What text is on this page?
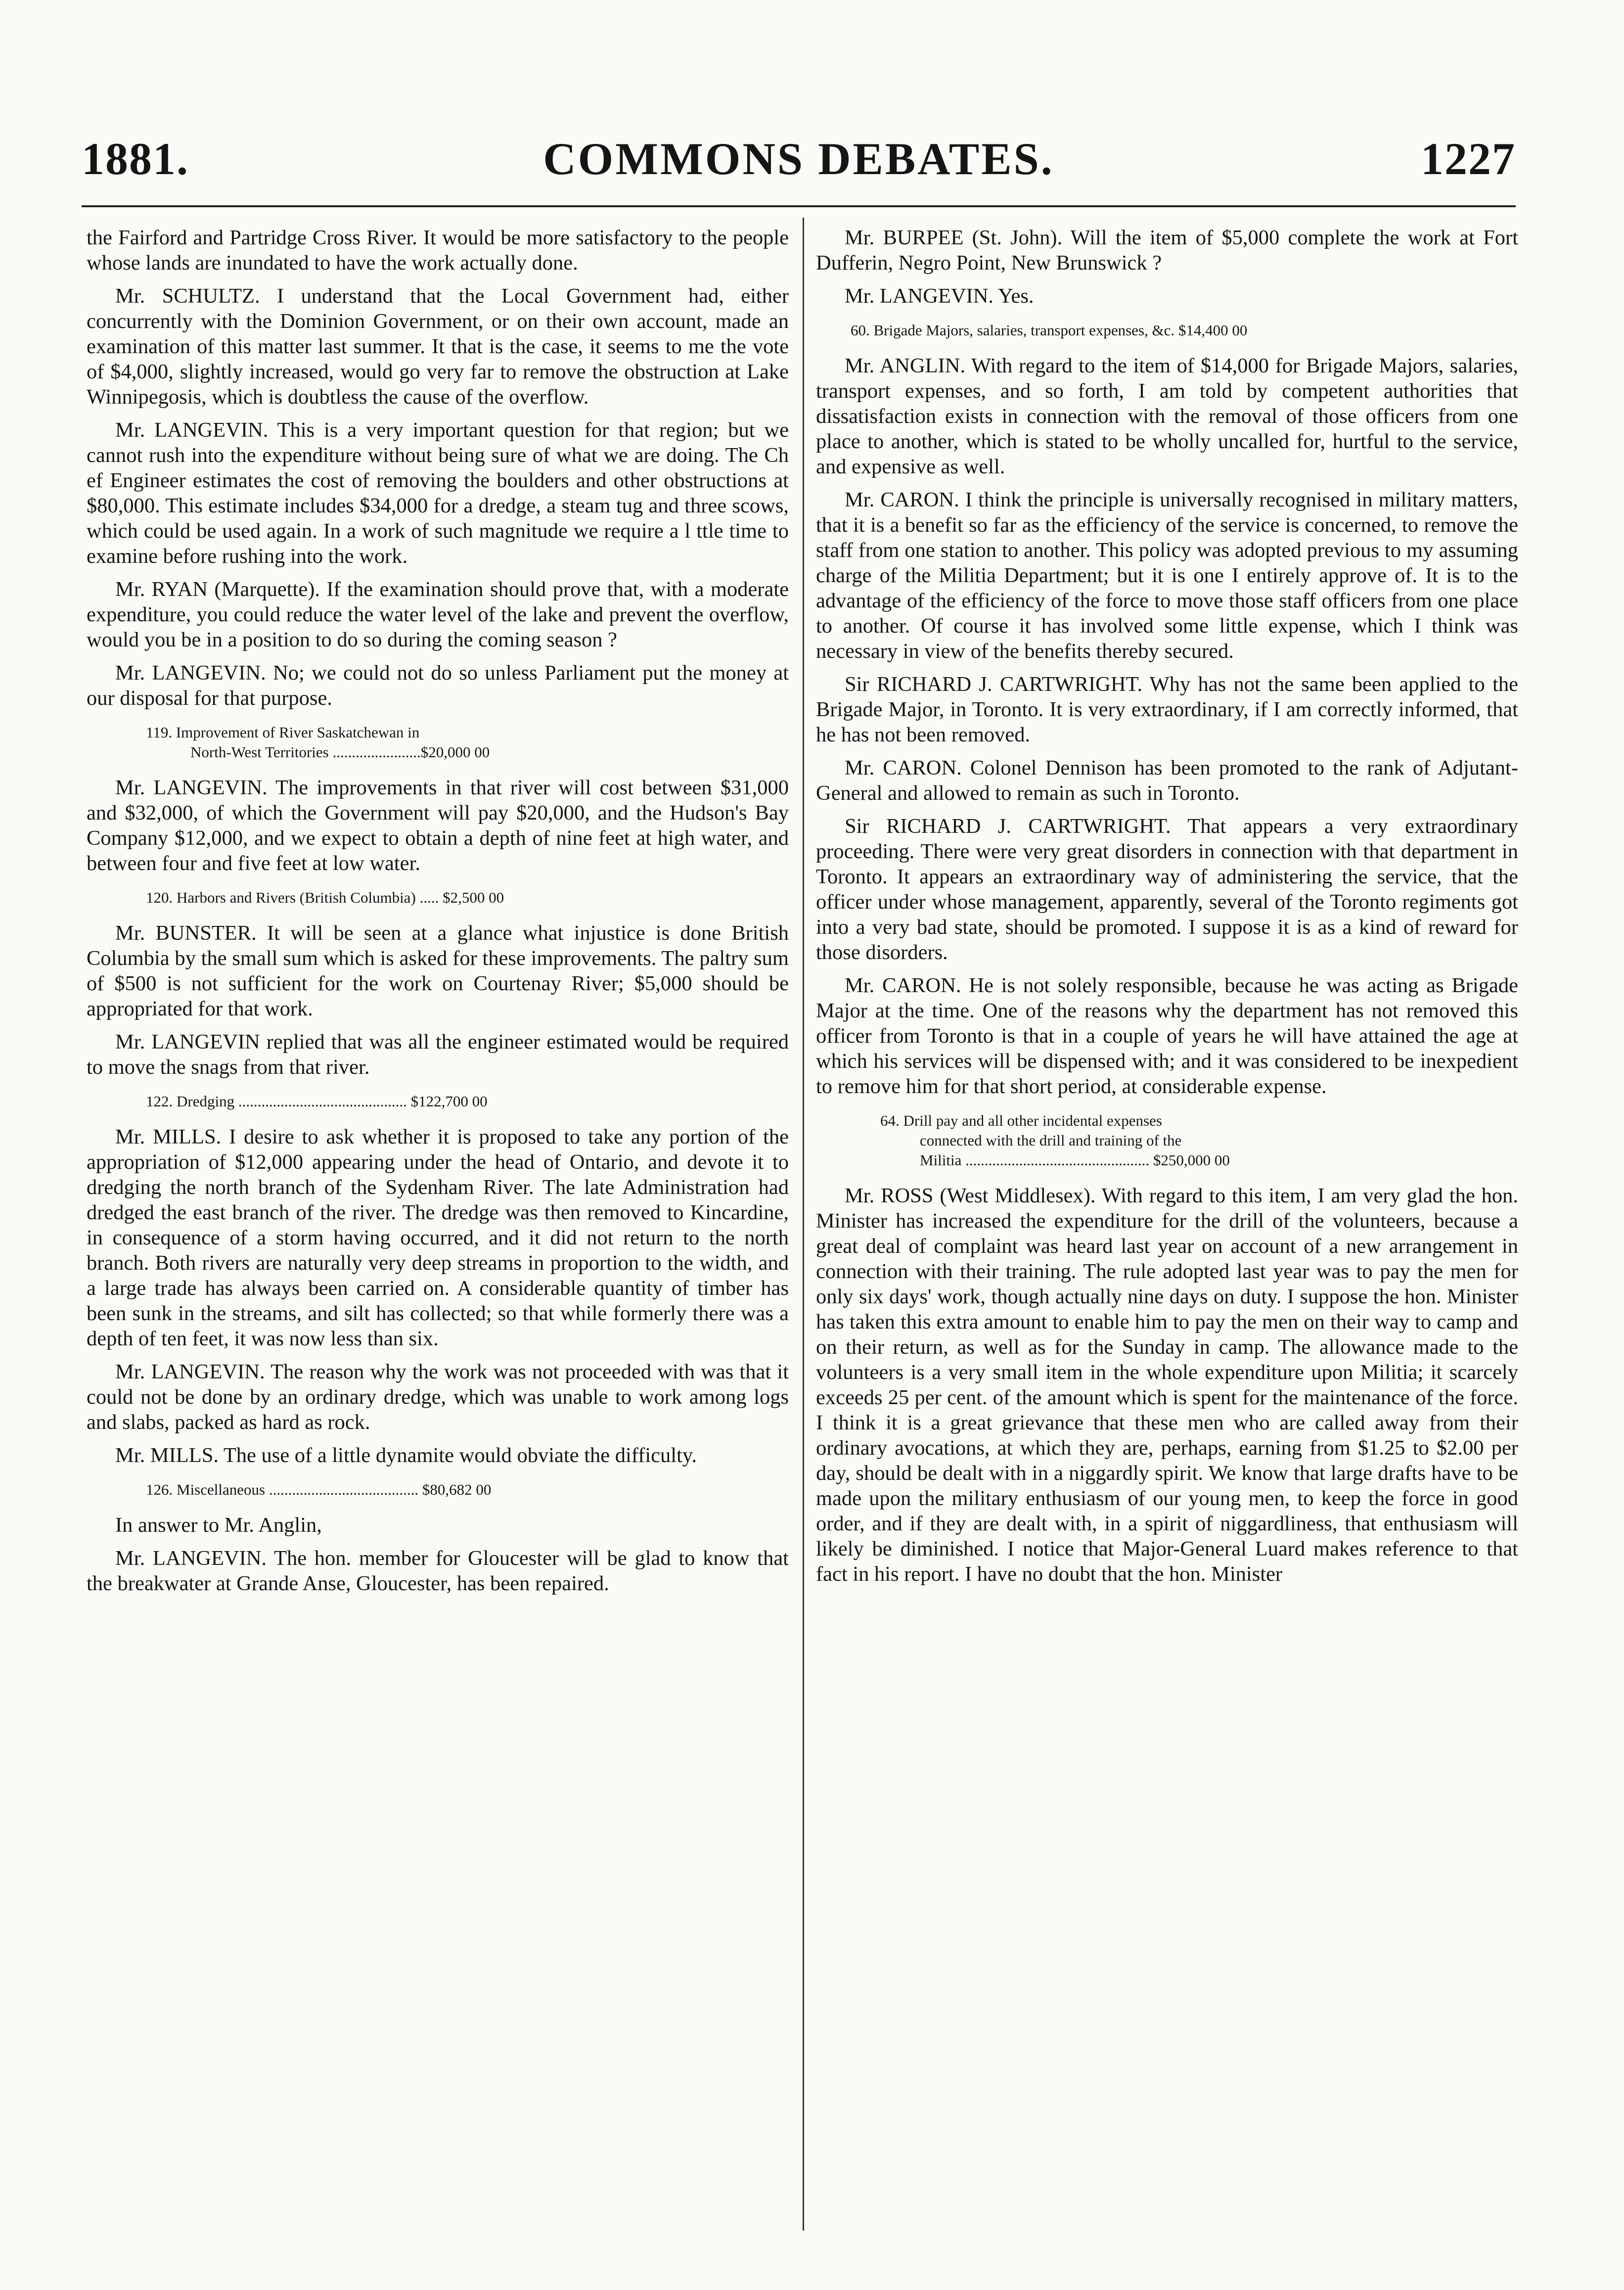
1881.	COMMONS DEBATES.	1227

the Fairford and Partridge Cross River. It would be more satisfactory to the people whose lands are inundated to have the work actually done.

Mr. SCHULTZ. I understand that the Local Government had, either concurrently with the Dominion Government, or on their own account, made an examination of this matter last summer. It that is the case, it seems to me the vote of $4,000, slightly increased, would go very far to remove the obstruction at Lake Winnipegosis, which is doubtless the cause of the overflow.

Mr. LANGEVIN. This is a very important question for that region; but we cannot rush into the expenditure without being sure of what we are doing. The Ch ef Engineer estimates the cost of removing the boulders and other obstructions at $80,000. This estimate includes $34,000 for a dredge, a steam tug and three scows, which could be used again. In a work of such magnitude we require a l ttle time to examine before rushing into the work.

Mr. RYAN (Marquette). If the examination should prove that, with a moderate expenditure, you could reduce the water level of the lake and prevent the overflow, would you be in a position to do so during the coming season ?

Mr. LANGEVIN. No; we could not do so unless Parliament put the money at our disposal for that purpose.

119. Improvement of River Saskatchewan in
North-West Territories .......................$20,000 00

Mr. LANGEVIN. The improvements in that river will cost between $31,000 and $32,000, of which the Government will pay $20,000, and the Hudson's Bay Company $12,000, and we expect to obtain a depth of nine feet at high water, and between four and five feet at low water.

120. Harbors and Rivers (British Columbia) ..... $2,500 00

Mr. BUNSTER. It will be seen at a glance what injustice is done British Columbia by the small sum which is asked for these improvements. The paltry sum of $500 is not sufficient for the work on Courtenay River; $5,000 should be appropriated for that work.

Mr. LANGEVIN replied that was all the engineer estimated would be required to move the snags from that river.

122. Dredging ............................................ $122,700 00

Mr. MILLS. I desire to ask whether it is proposed to take any portion of the appropriation of $12,000 appearing under the head of Ontario, and devote it to dredging the north branch of the Sydenham River. The late Administration had dredged the east branch of the river. The dredge was then removed to Kincardine, in consequence of a storm having occurred, and it did not return to the north branch. Both rivers are naturally very deep streams in proportion to the width, and a large trade has always been carried on. A considerable quantity of timber has been sunk in the streams, and silt has collected; so that while formerly there was a depth of ten feet, it was now less than six.

Mr. LANGEVIN. The reason why the work was not proceeded with was that it could not be done by an ordinary dredge, which was unable to work among logs and slabs, packed as hard as rock.

Mr. MILLS. The use of a little dynamite would obviate the difficulty.

126. Miscellaneous ....................................... $80,682 00

In answer to Mr. Anglin,

Mr. LANGEVIN. The hon. member for Gloucester will be glad to know that the breakwater at Grande Anse, Gloucester, has been repaired.

Mr. BURPEE (St. John). Will the item of $5,000 complete the work at Fort Dufferin, Negro Point, New Brunswick ?

Mr. LANGEVIN. Yes.

60. Brigade Majors, salaries, transport expenses, &c. $14,400 00

Mr. ANGLIN. With regard to the item of $14,000 for Brigade Majors, salaries, transport expenses, and so forth, I am told by competent authorities that dissatisfaction exists in connection with the removal of those officers from one place to another, which is stated to be wholly uncalled for, hurtful to the service, and expensive as well.

Mr. CARON. I think the principle is universally recognised in military matters, that it is a benefit so far as the efficiency of the service is concerned, to remove the staff from one station to another. This policy was adopted previous to my assuming charge of the Militia Department; but it is one I entirely approve of. It is to the advantage of the efficiency of the force to move those staff officers from one place to another. Of course it has involved some little expense, which I think was necessary in view of the benefits thereby secured.

Sir RICHARD J. CARTWRIGHT. Why has not the same been applied to the Brigade Major, in Toronto. It is very extraordinary, if I am correctly informed, that he has not been removed.

Mr. CARON. Colonel Dennison has been promoted to the rank of Adjutant-General and allowed to remain as such in Toronto.

Sir RICHARD J. CARTWRIGHT. That appears a very extraordinary proceeding. There were very great disorders in connection with that department in Toronto. It appears an extraordinary way of administering the service, that the officer under whose management, apparently, several of the Toronto regiments got into a very bad state, should be promoted. I suppose it is as a kind of reward for those disorders.

Mr. CARON. He is not solely responsible, because he was acting as Brigade Major at the time. One of the reasons why the department has not removed this officer from Toronto is that in a couple of years he will have attained the age at which his services will be dispensed with; and it was considered to be inexpedient to remove him for that short period, at considerable expense.

64. Drill pay and all other incidental expenses
connected with the drill and training of the
Militia ................................................ $250,000 00

Mr. ROSS (West Middlesex). With regard to this item, I am very glad the hon. Minister has increased the expenditure for the drill of the volunteers, because a great deal of complaint was heard last year on account of a new arrangement in connection with their training. The rule adopted last year was to pay the men for only six days' work, though actually nine days on duty. I suppose the hon. Minister has taken this extra amount to enable him to pay the men on their way to camp and on their return, as well as for the Sunday in camp. The allowance made to the volunteers is a very small item in the whole expenditure upon Militia; it scarcely exceeds 25 per cent. of the amount which is spent for the maintenance of the force. I think it is a great grievance that these men who are called away from their ordinary avocations, at which they are, perhaps, earning from $1.25 to $2.00 per day, should be dealt with in a niggardly spirit. We know that large drafts have to be made upon the military enthusiasm of our young men, to keep the force in good order, and if they are dealt with, in a spirit of niggardliness, that enthusiasm will likely be diminished. I notice that Major-General Luard makes reference to that fact in his report. I have no doubt that the hon. Minister
